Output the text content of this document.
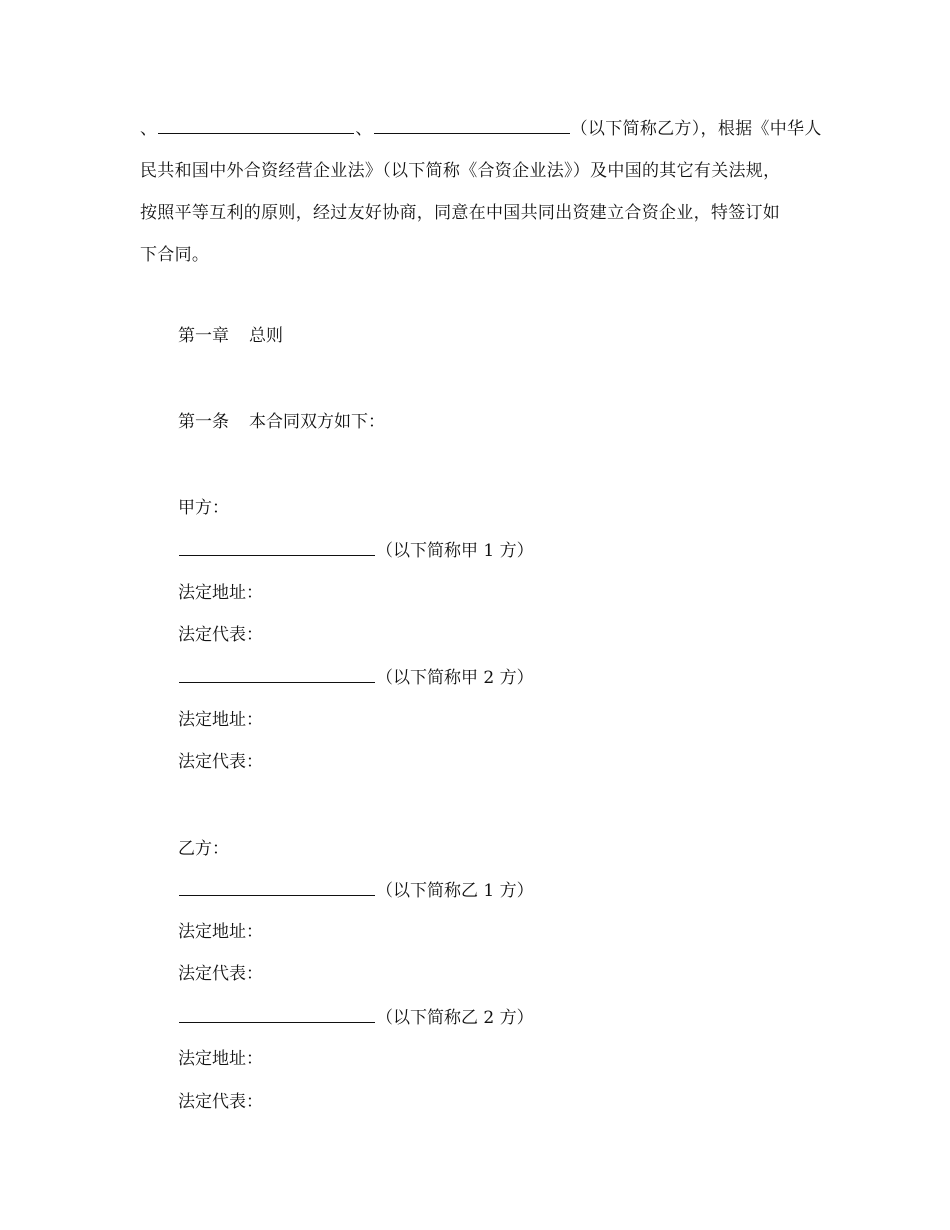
、	、	（以下简称乙方），根据《中华人
民共和国中外合资经营企业法》（以下简称《合资企业法》）及中国的其它有关法规，
按照平等互利的原则，经过友好协商，同意在中国共同出资建立合资企业，特签订如
下合同。
第一章 总则
第一条 本合同双方如下：
甲方：
（以下简称甲 1 方）
法定地址：
法定代表：
（以下简称甲 2 方）
法定地址：
法定代表：
乙方：
（以下简称乙 1 方）
法定地址：
法定代表：
（以下简称乙 2 方）
法定地址：
法定代表：
